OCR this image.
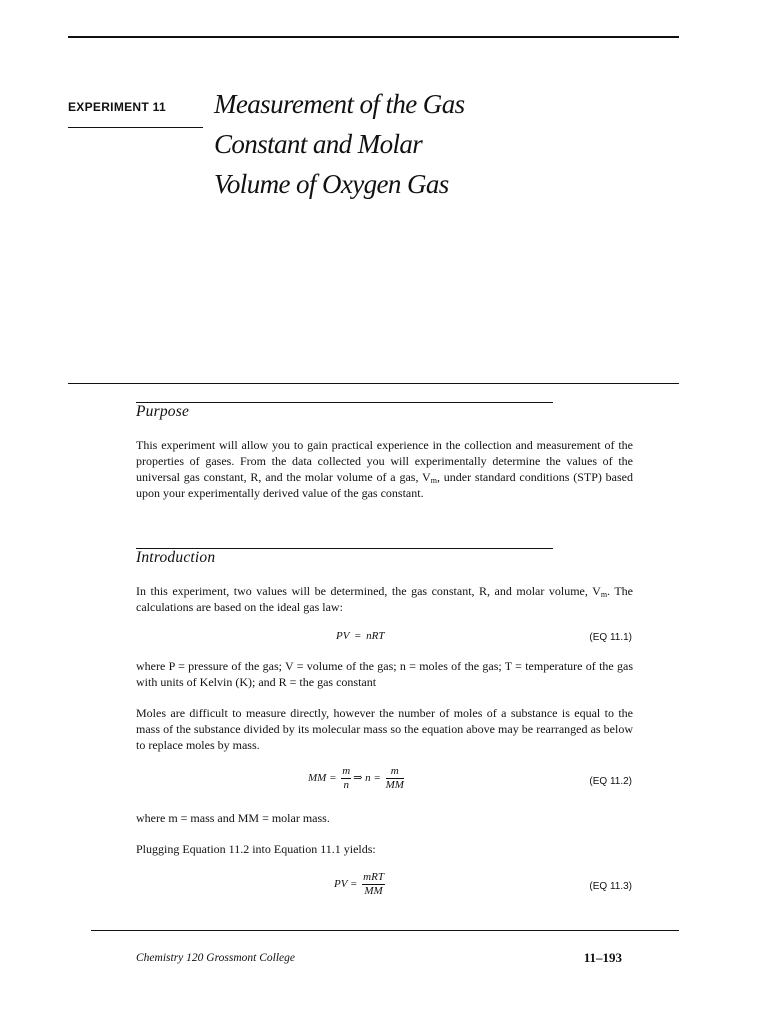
EXPERIMENT 11 Measurement of the Gas
Constant and Molar
Volume of Oxygen Gas
Purpose
This experiment will allow you to gain practical experience in the collection and measurement of the properties of gases. From the data collected you will experimentally determine the values of the universal gas constant, R, and the molar volume of a gas, $V_m$, under standard conditions (STP) based upon your experimentally derived value of the gas constant.
Introduction
In this experiment, two values will be determined, the gas constant, R, and molar volume, $V_m$. The calculations are based on the ideal gas law:
PV = nRT	(EQ 11.1)
where P = pressure of the gas; V = volume of the gas; n = moles of the gas; T = temperature of the gas with units of Kelvin (K); and R = the gas constant
Moles are difficult to measure directly, however the number of moles of a substance is equal to the mass of the substance divided by its molecular mass so the equation above may be rearranged as below to replace moles by mass.
MM = $\frac{m}{n}$ ⇒ $n = \frac{m}{MM}$	(EQ 11.2)
where m = mass and MM = molar mass.
Plugging Equation 11.2 into Equation 11.1 yields:
PV = $\frac{\text{mRT}}{MM}$	(EQ 11.3)
Chemistry 120 Grossmont College	11–193
